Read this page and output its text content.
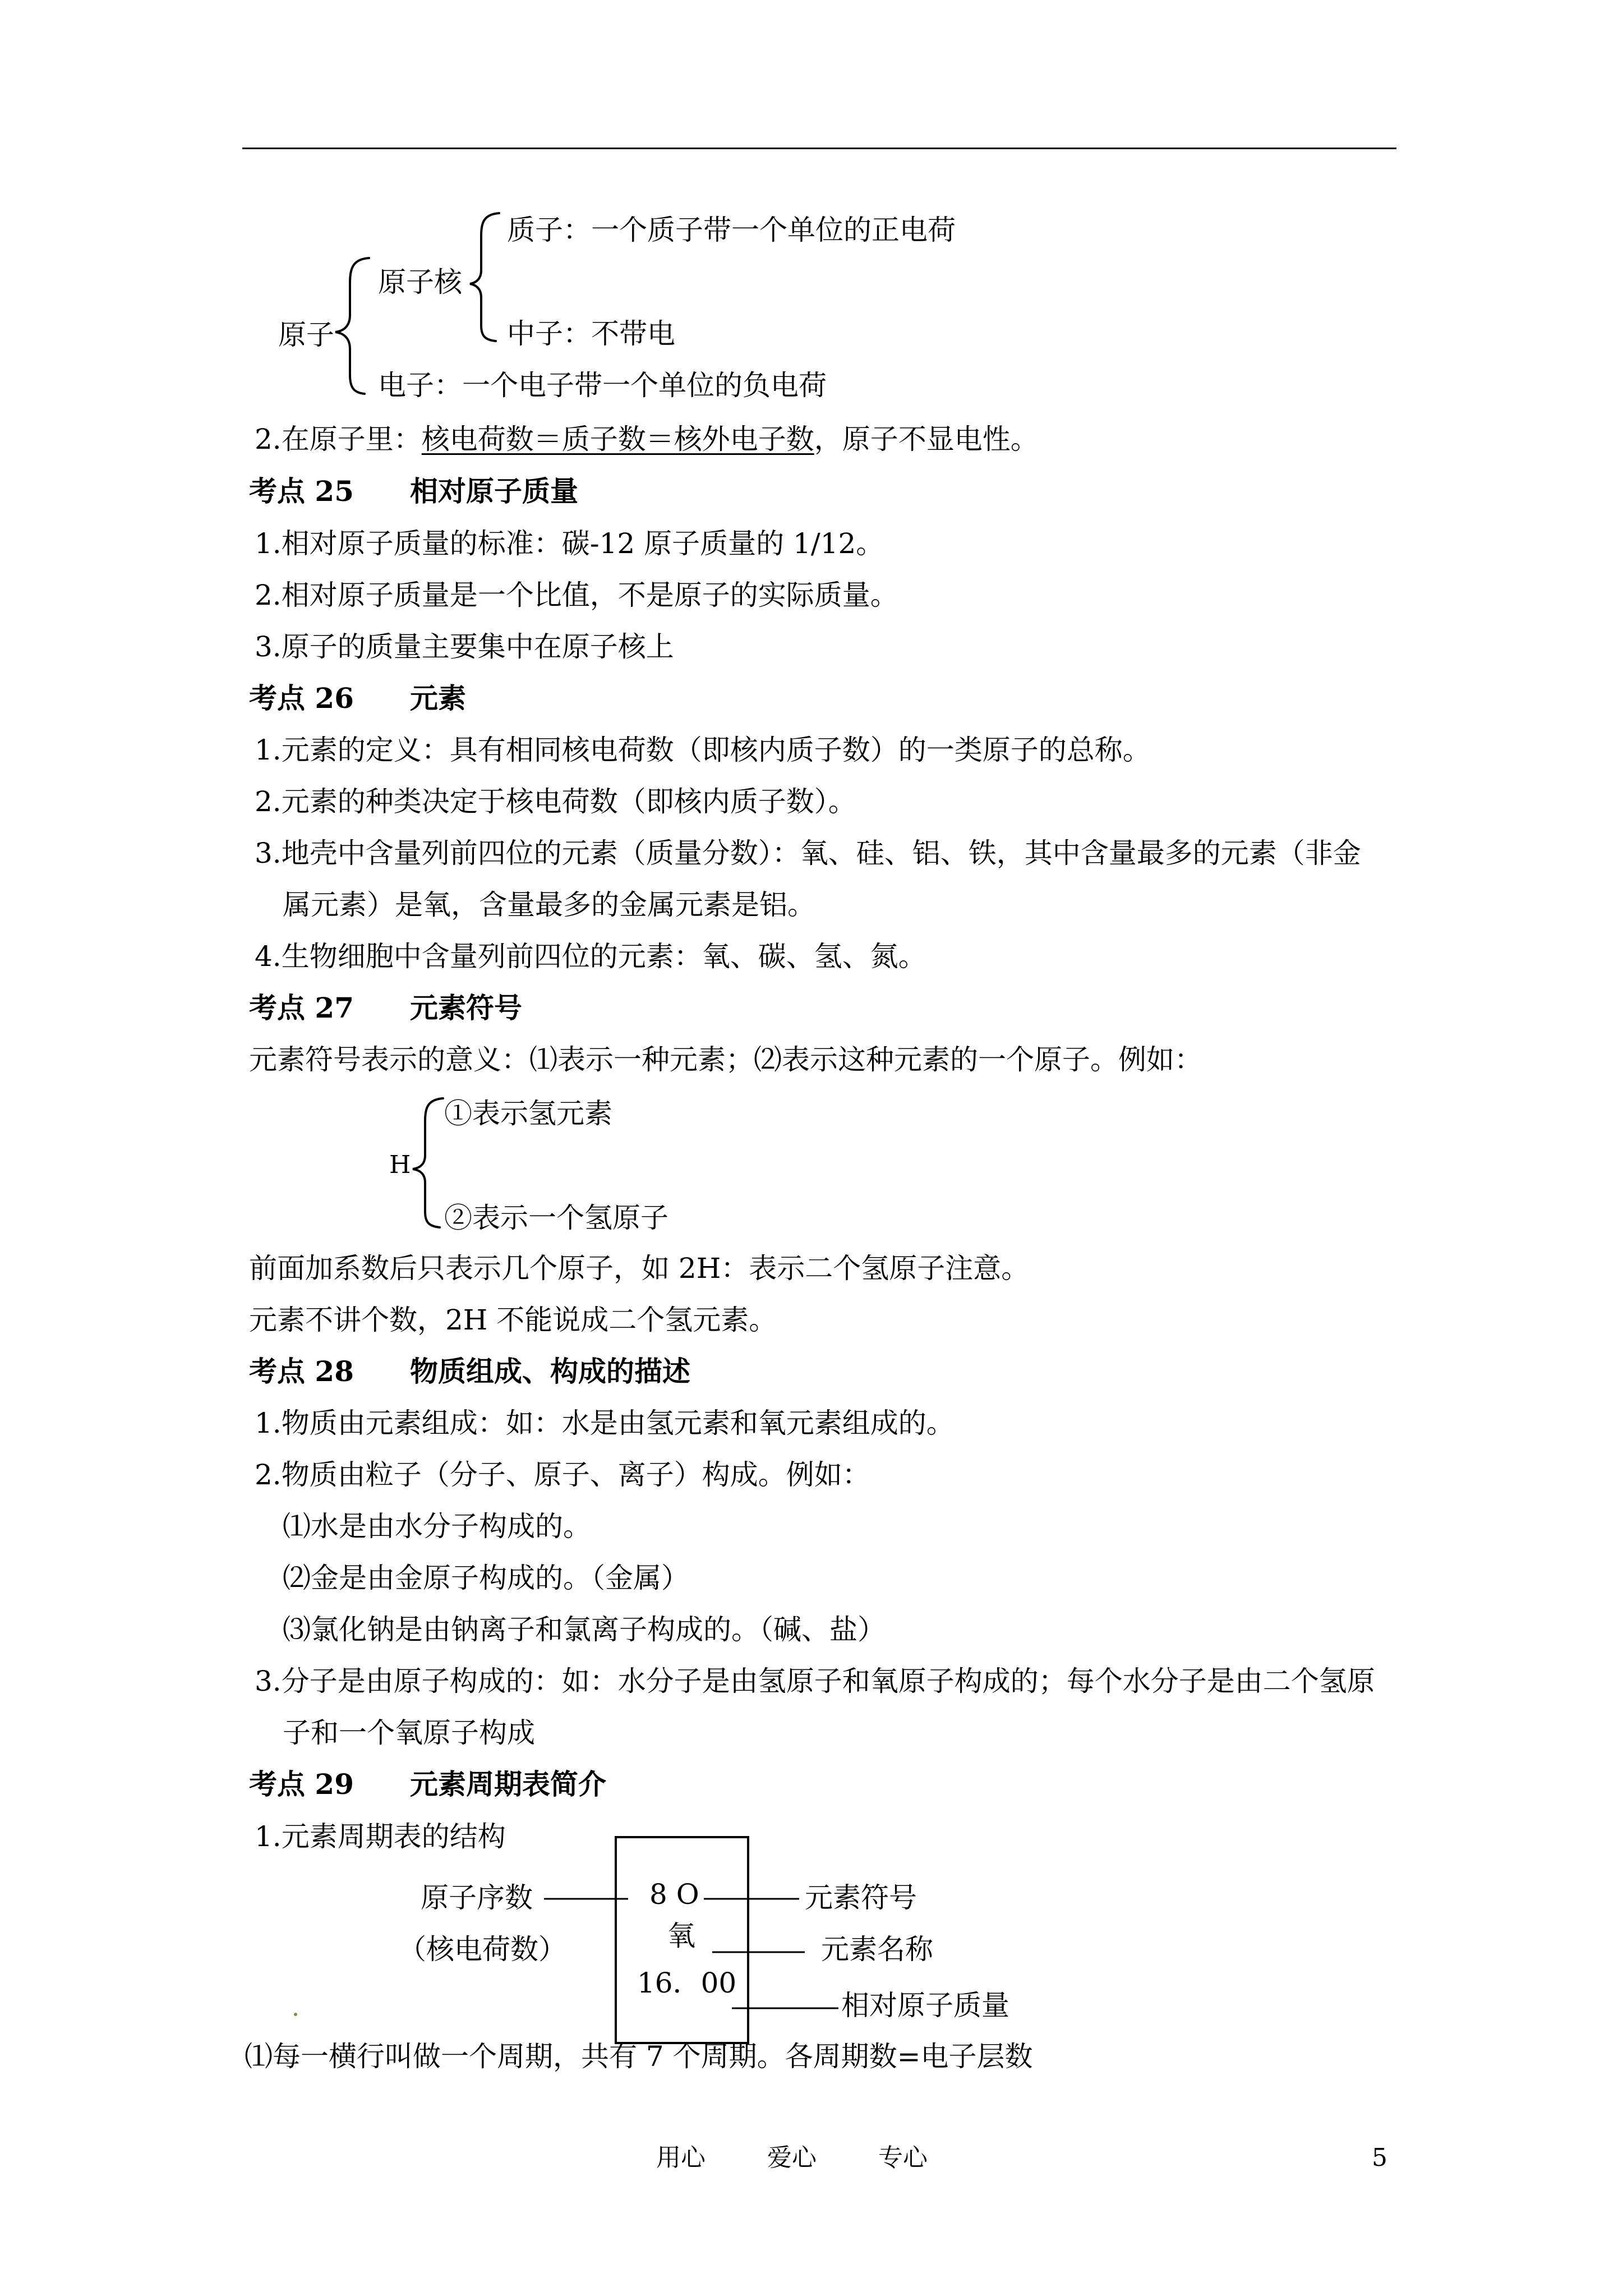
原子
原子核
质子：一个质子带一个单位的正电荷
中子：不带电
电子：一个电子带一个单位的负电荷
2.在原子里：核电荷数＝质子数＝核外电子数，原子不显电性。
考点 25　　相对原子质量
1.相对原子质量的标准：碳-12 原子质量的 1/12。
2.相对原子质量是一个比值，不是原子的实际质量。
3.原子的质量主要集中在原子核上
考点 26　　元素
1.元素的定义：具有相同核电荷数（即核内质子数）的一类原子的总称。
2.元素的种类决定于核电荷数（即核内质子数）。
3.地壳中含量列前四位的元素（质量分数）：氧、硅、铝、铁，其中含量最多的元素（非金
属元素）是氧，含量最多的金属元素是铝。
4.生物细胞中含量列前四位的元素：氧、碳、氢、氮。
考点 27　　元素符号
元素符号表示的意义：⑴表示一种元素；⑵表示这种元素的一个原子。例如：
H
①表示氢元素
②表示一个氢原子
前面加系数后只表示几个原子，如 2H：表示二个氢原子注意。
元素不讲个数，2H 不能说成二个氢元素。
考点 28　　物质组成、构成的描述
1.物质由元素组成：如：水是由氢元素和氧元素组成的。
2.物质由粒子（分子、原子、离子）构成。例如：
⑴水是由水分子构成的。
⑵金是由金原子构成的。（金属）
⑶氯化钠是由钠离子和氯离子构成的。（碱、盐）
3.分子是由原子构成的：如：水分子是由氢原子和氧原子构成的；每个水分子是由二个氢原
子和一个氧原子构成
考点 29　　元素周期表简介
1.元素周期表的结构
原子序数
（核电荷数）
8 O
氧
16．00
元素符号
元素名称
相对原子质量
⑴每一横行叫做一个周期，共有 7 个周期。各周期数=电子层数
用心	爱心	专心	5
